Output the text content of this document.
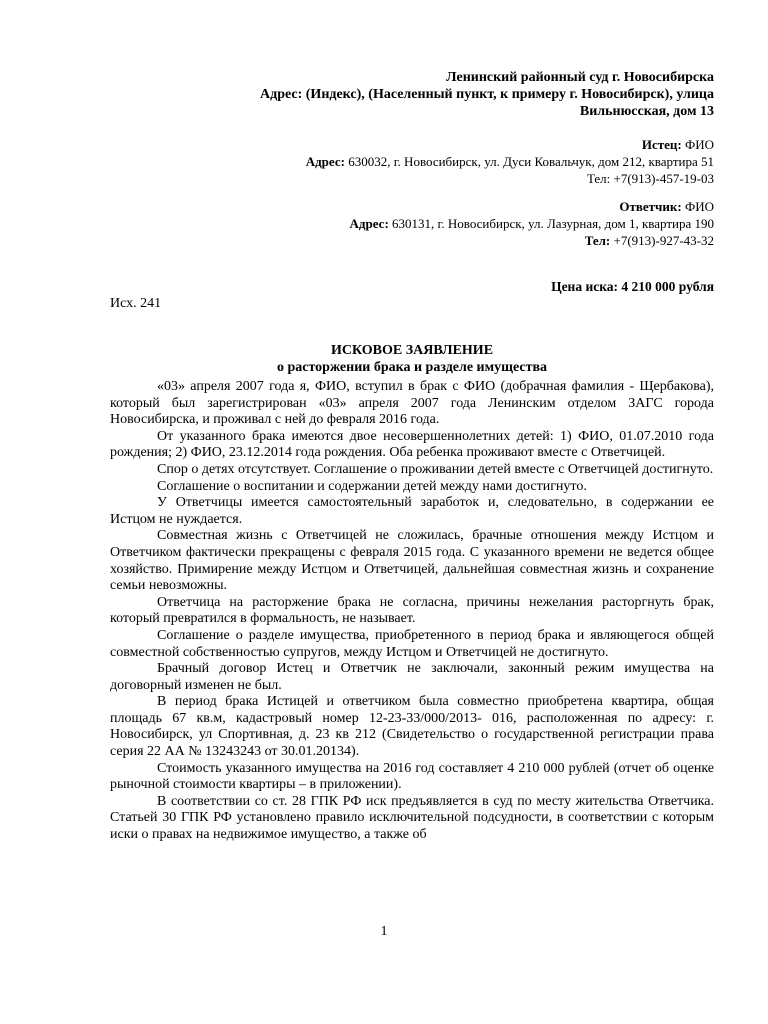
Ленинский районный суд г. Новосибирска
Адрес: (Индекс), (Населенный пункт, к примеру г. Новосибирск), улица
Вильнюсская, дом 13
Истец: ФИО
Адрес: 630032, г. Новосибирск, ул. Дуси Ковальчук, дом 212, квартира 51
Тел: +7(913)-457-19-03
Ответчик: ФИО
Адрес: 630131, г. Новосибирск, ул. Лазурная, дом 1, квартира 190
Тел: +7(913)-927-43-32
Цена иска: 4 210 000 рубля
Исх. 241
ИСКОВОЕ ЗАЯВЛЕНИЕ
о расторжении брака и разделе имущества

«03» апреля 2007 года я, ФИО, вступил в брак с ФИО (добрачная фамилия - Щербакова), который был зарегистрирован «03» апреля 2007 года Ленинским отделом ЗАГС города Новосибирска, и проживал с ней до февраля 2016 года.

От указанного брака имеются двое несовершеннолетних детей: 1) ФИО, 01.07.2010 года рождения; 2) ФИО, 23.12.2014 года рождения. Оба ребенка проживают вместе с Ответчицей.

Спор о детях отсутствует. Соглашение о проживании детей вместе с Ответчицей достигнуто.

Соглашение о воспитании и содержании детей между нами достигнуто.

У Ответчицы имеется самостоятельный заработок и, следовательно, в содержании ее Истцом не нуждается.

Совместная жизнь с Ответчицей не сложилась, брачные отношения между Истцом и Ответчиком фактически прекращены с февраля 2015 года. С указанного времени не ведется общее хозяйство. Примирение между Истцом и Ответчицей, дальнейшая совместная жизнь и сохранение семьи невозможны.

Ответчица на расторжение брака не согласна, причины нежелания расторгнуть брак, который превратился в формальность, не называет.

Соглашение о разделе имущества, приобретенного в период брака и являющегося общей совместной собственностью супругов, между Истцом и Ответчицей не достигнуто.

Брачный договор Истец и Ответчик не заключали, законный режим имущества на договорный изменен не был.

В период брака Истицей и ответчиком была совместно приобретена квартира, общая площадь 67 кв.м, кадастровый номер 12-23-33/000/2013- 016, расположенная по адресу: г. Новосибирск, ул Спортивная, д. 23 кв 212 (Свидетельство о государственной регистрации права серия 22 АА № 13243243 от 30.01.20134).

Стоимость указанного имущества на 2016 год составляет 4 210 000 рублей (отчет об оценке рыночной стоимости квартиры – в приложении).

В соответствии со ст. 28 ГПК РФ иск предъявляется в суд по месту жительства Ответчика. Статьей 30 ГПК РФ установлено правило исключительной подсудности, в соответствии с которым иски о правах на недвижимое имущество, а также об

1
